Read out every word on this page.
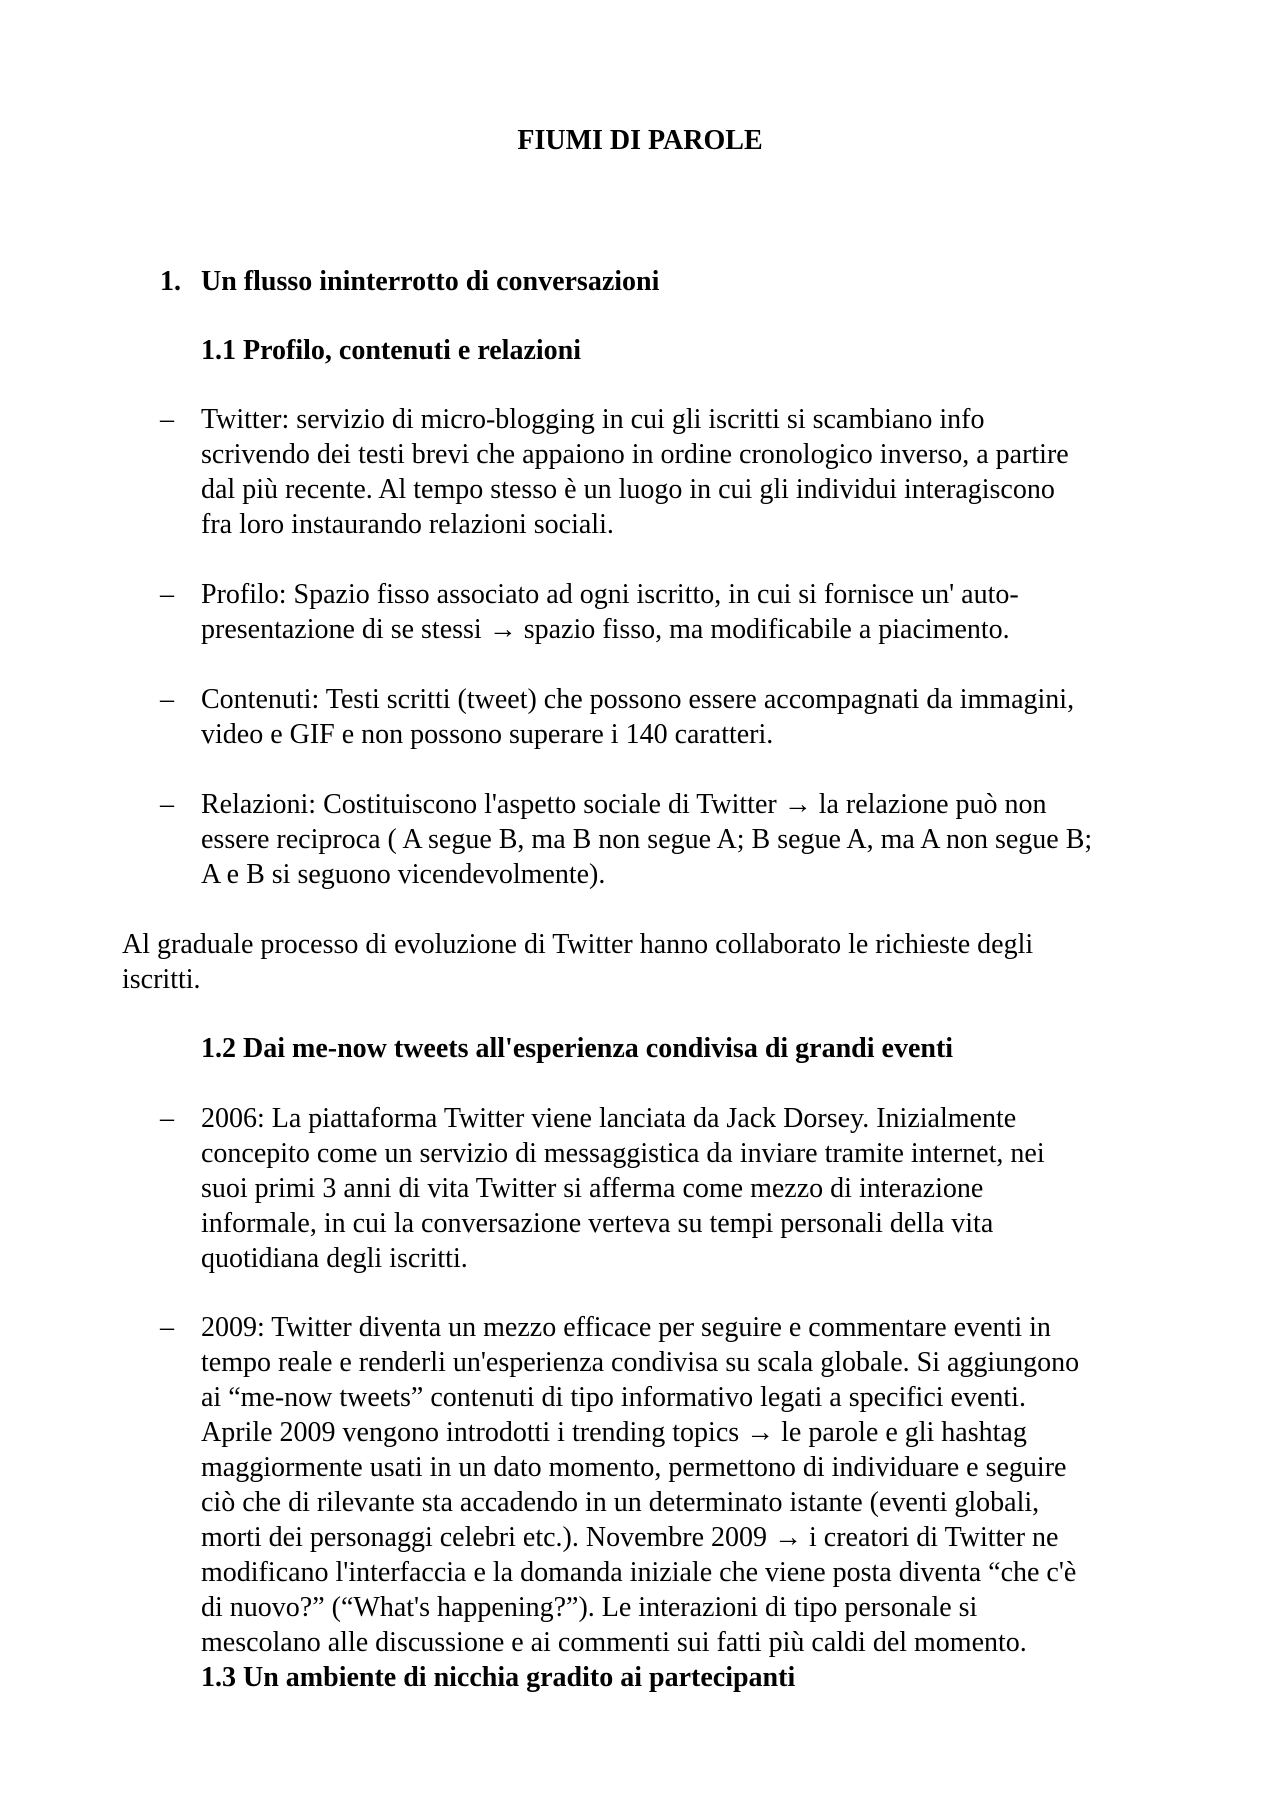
FIUMI DI PAROLE
1. Un flusso ininterrotto di conversazioni
1.1 Profilo, contenuti e relazioni
– Twitter: servizio di micro-blogging in cui gli iscritti si scambiano info
scrivendo dei testi brevi che appaiono in ordine cronologico inverso, a partire
dal più recente. Al tempo stesso è un luogo in cui gli individui interagiscono
fra loro instaurando relazioni sociali.
– Profilo: Spazio fisso associato ad ogni iscritto, in cui si fornisce un' auto-
presentazione di se stessi → spazio fisso, ma modificabile a piacimento.
– Contenuti: Testi scritti (tweet) che possono essere accompagnati da immagini,
video e GIF e non possono superare i 140 caratteri.
– Relazioni: Costituiscono l'aspetto sociale di Twitter → la relazione può non
essere reciproca ( A segue B, ma B non segue A; B segue A, ma A non segue B;
A e B si seguono vicendevolmente).
Al graduale processo di evoluzione di Twitter hanno collaborato le richieste degli
iscritti.
1.2 Dai me-now tweets all'esperienza condivisa di grandi eventi
– 2006: La piattaforma Twitter viene lanciata da Jack Dorsey. Inizialmente
concepito come un servizio di messaggistica da inviare tramite internet, nei
suoi primi 3 anni di vita Twitter si afferma come mezzo di interazione
informale, in cui la conversazione verteva su tempi personali della vita
quotidiana degli iscritti.
– 2009: Twitter diventa un mezzo efficace per seguire e commentare eventi in
tempo reale e renderli un'esperienza condivisa su scala globale. Si aggiungono
ai “me-now tweets” contenuti di tipo informativo legati a specifici eventi.
Aprile 2009 vengono introdotti i trending topics → le parole e gli hashtag
maggiormente usati in un dato momento, permettono di individuare e seguire
ciò che di rilevante sta accadendo in un determinato istante (eventi globali,
morti dei personaggi celebri etc.). Novembre 2009 → i creatori di Twitter ne
modificano l'interfaccia e la domanda iniziale che viene posta diventa “che c'è
di nuovo?” (“What's happening?”). Le interazioni di tipo personale si
mescolano alle discussione e ai commenti sui fatti più caldi del momento.
1.3 Un ambiente di nicchia gradito ai partecipanti
